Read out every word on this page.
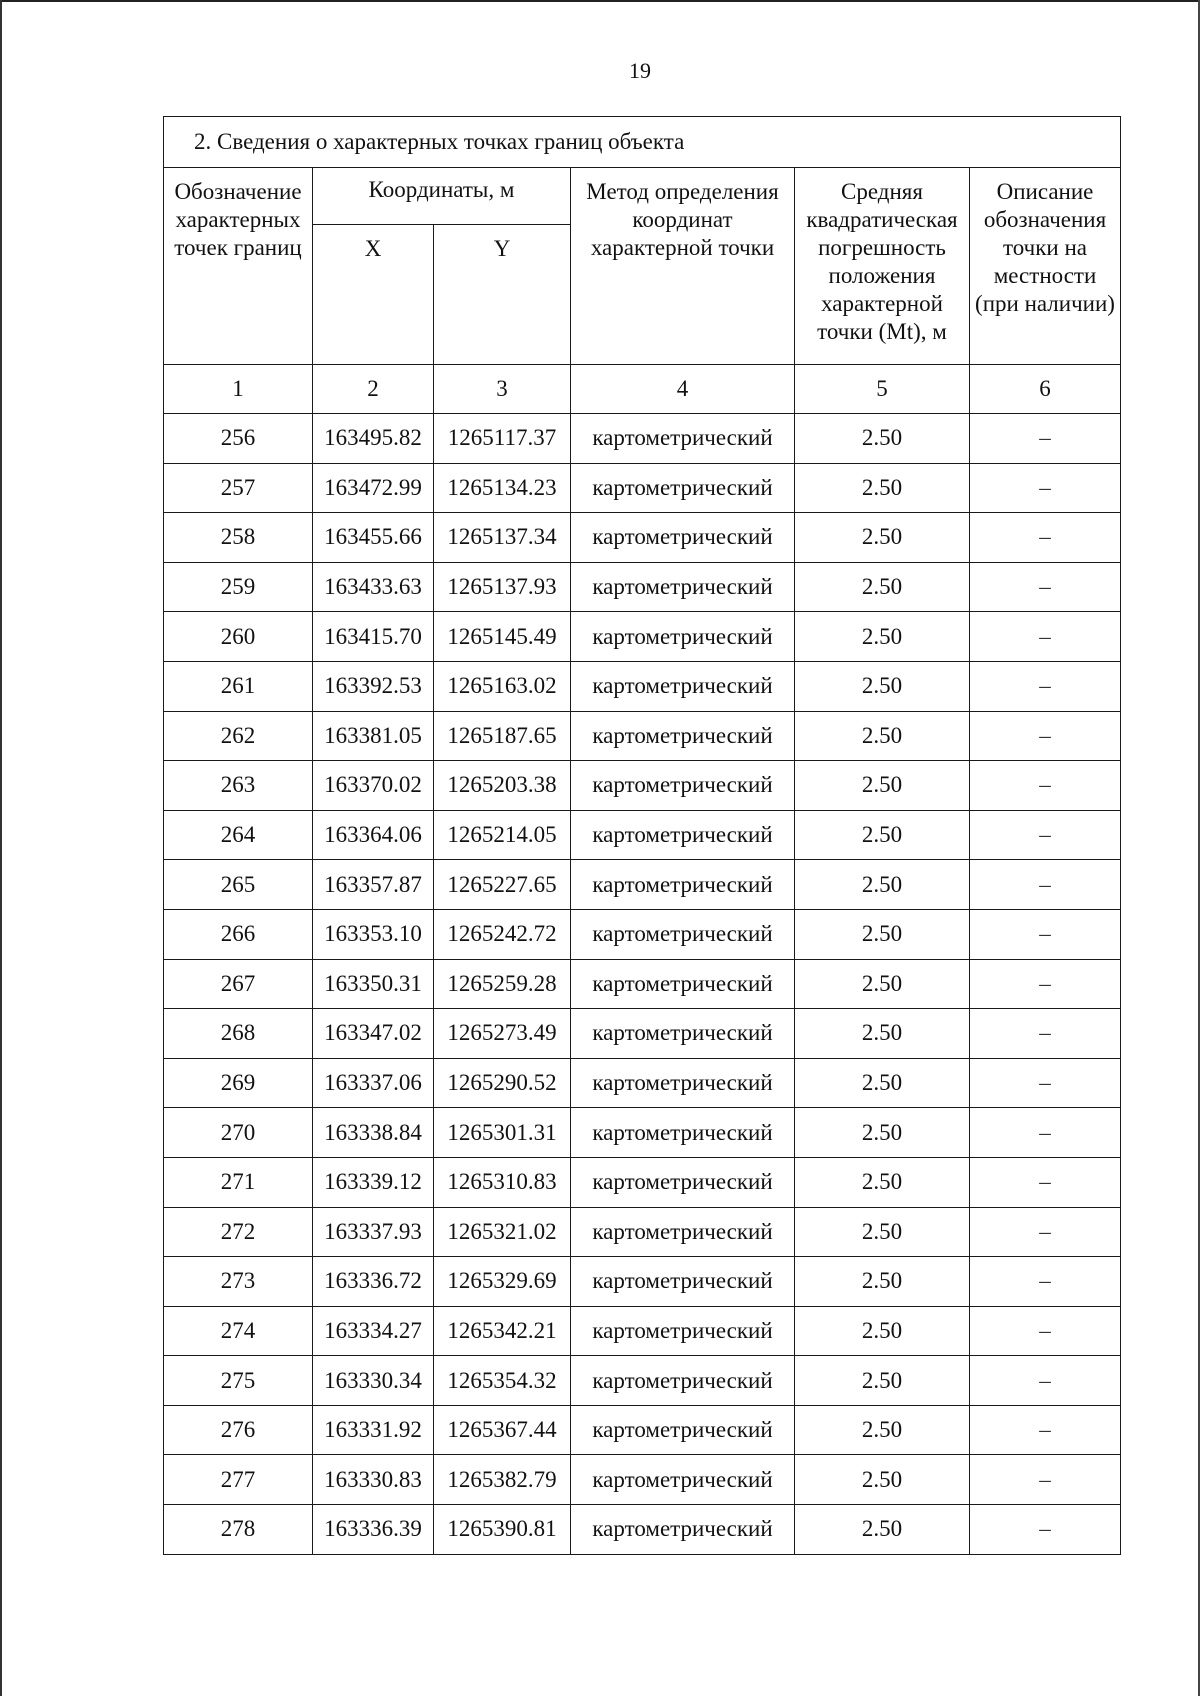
19
2. Сведения о характерных точках границ объекта					
Обозначение характерных точек границ	Координаты, м		Метод определения координат характерной точки	Средняя квадратическая погрешность положения характерной точки (Mt), м	Описание обозначения точки на местности (при наличии)
	X	Y			
1	2	3	4	5	6
256	163495.82	1265117.37	картометрический	2.50	–
257	163472.99	1265134.23	картометрический	2.50	–
258	163455.66	1265137.34	картометрический	2.50	–
259	163433.63	1265137.93	картометрический	2.50	–
260	163415.70	1265145.49	картометрический	2.50	–
261	163392.53	1265163.02	картометрический	2.50	–
262	163381.05	1265187.65	картометрический	2.50	–
263	163370.02	1265203.38	картометрический	2.50	–
264	163364.06	1265214.05	картометрический	2.50	–
265	163357.87	1265227.65	картометрический	2.50	–
266	163353.10	1265242.72	картометрический	2.50	–
267	163350.31	1265259.28	картометрический	2.50	–
268	163347.02	1265273.49	картометрический	2.50	–
269	163337.06	1265290.52	картометрический	2.50	–
270	163338.84	1265301.31	картометрический	2.50	–
271	163339.12	1265310.83	картометрический	2.50	–
272	163337.93	1265321.02	картометрический	2.50	–
273	163336.72	1265329.69	картометрический	2.50	–
274	163334.27	1265342.21	картометрический	2.50	–
275	163330.34	1265354.32	картометрический	2.50	–
276	163331.92	1265367.44	картометрический	2.50	–
277	163330.83	1265382.79	картометрический	2.50	–
278	163336.39	1265390.81	картометрический	2.50	–
